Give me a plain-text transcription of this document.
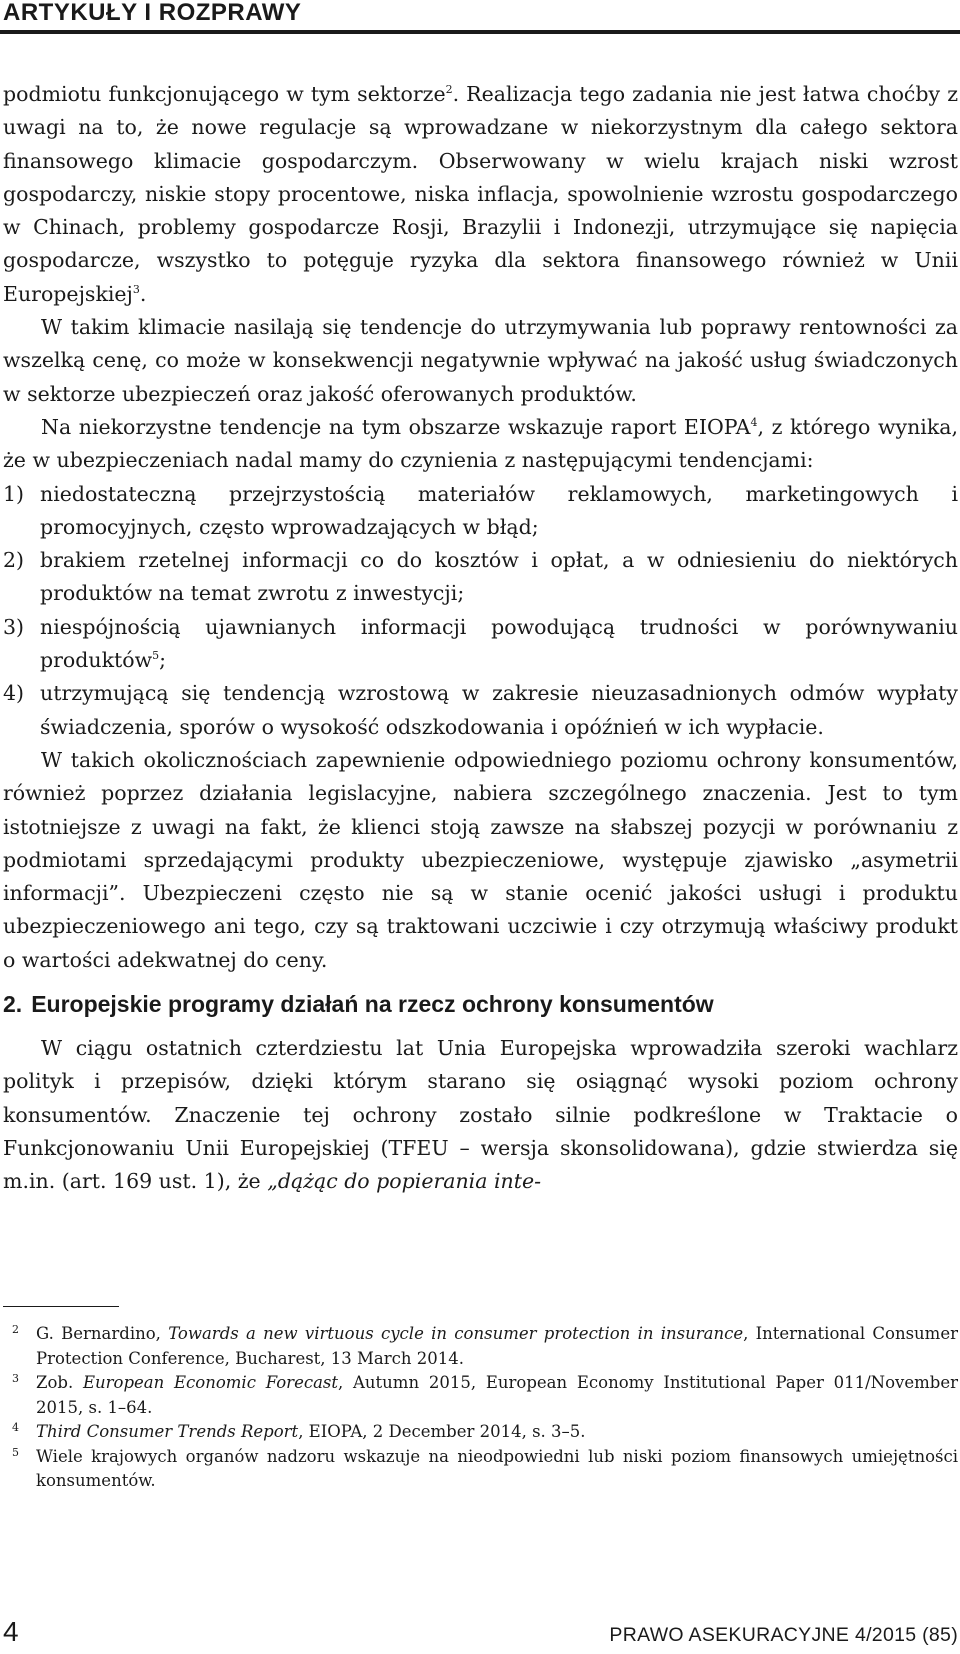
ARTYKUŁY I ROZPRAWY

podmiotu funkcjonującego w tym sektorze$^2$. Realizacja tego zadania nie jest łatwa choćby z uwagi na to, że nowe regulacje są wprowadzane w niekorzystnym dla całego sektora finansowego klimacie gospodarczym. Obserwowany w wielu krajach niski wzrost gospodarczy, niskie stopy procentowe, niska inflacja, spowolnienie wzrostu gospodarczego w Chinach, problemy gospodarcze Rosji, Brazylii i Indonezji, utrzymujące się napięcia gospodarcze, wszystko to potęguje ryzyka dla sektora finansowego również w Unii Europejskiej$^3$.

W takim klimacie nasilają się tendencje do utrzymywania lub poprawy rentowności za wszelką cenę, co może w konsekwencji negatywnie wpływać na jakość usług świadczonych w sektorze ubezpieczeń oraz jakość oferowanych produktów.

Na niekorzystne tendencje na tym obszarze wskazuje raport EIOPA$^4$, z którego wynika, że w ubezpieczeniach nadal mamy do czynienia z następującymi tendencjami:

1) niedostateczną przejrzystością materiałów reklamowych, marketingowych i promocyjnych, często wprowadzających w błąd;
2) brakiem rzetelnej informacji co do kosztów i opłat, a w odniesieniu do niektórych produktów na temat zwrotu z inwestycji;
3) niespójnością ujawnianych informacji powodującą trudności w porównywaniu produktów$^5$;
4) utrzymującą się tendencją wzrostową w zakresie nieuzasadnionych odmów wypłaty świadczenia, sporów o wysokość odszkodowania i opóźnień w ich wypłacie.

W takich okolicznościach zapewnienie odpowiedniego poziomu ochrony konsumentów, również poprzez działania legislacyjne, nabiera szczególnego znaczenia. Jest to tym istotniejsze z uwagi na fakt, że klienci stoją zawsze na słabszej pozycji w porównaniu z podmiotami sprzedającymi produkty ubezpieczeniowe, występuje zjawisko „asymetrii informacji”. Ubezpieczeni często nie są w stanie ocenić jakości usługi i produktu ubezpieczeniowego ani tego, czy są traktowani uczciwie i czy otrzymują właściwy produkt o wartości adekwatnej do ceny.

2. Europejskie programy działań na rzecz ochrony konsumentów

W ciągu ostatnich czterdziestu lat Unia Europejska wprowadziła szeroki wachlarz polityk i przepisów, dzięki którym starano się osiągnąć wysoki poziom ochrony konsumentów. Znaczenie tej ochrony zostało silnie podkreślone w Traktacie o Funkcjonowaniu Unii Europejskiej (TFEU – wersja skonsolidowana), gdzie stwierdza się m.in. (art. 169 ust. 1), że „dążąc do popierania inte-

2 G. Bernardino, Towards a new virtuous cycle in consumer protection in insurance, International Consumer Protection Conference, Bucharest, 13 March 2014.
3 Zob. European Economic Forecast, Autumn 2015, European Economy Institutional Paper 011/November 2015, s. 1–64.
4 Third Consumer Trends Report, EIOPA, 2 December 2014, s. 3–5.
5 Wiele krajowych organów nadzoru wskazuje na nieodpowiedni lub niski poziom finansowych umiejętności konsumentów.
4	PRAWO ASEKURACYJNE 4/2015 (85)
